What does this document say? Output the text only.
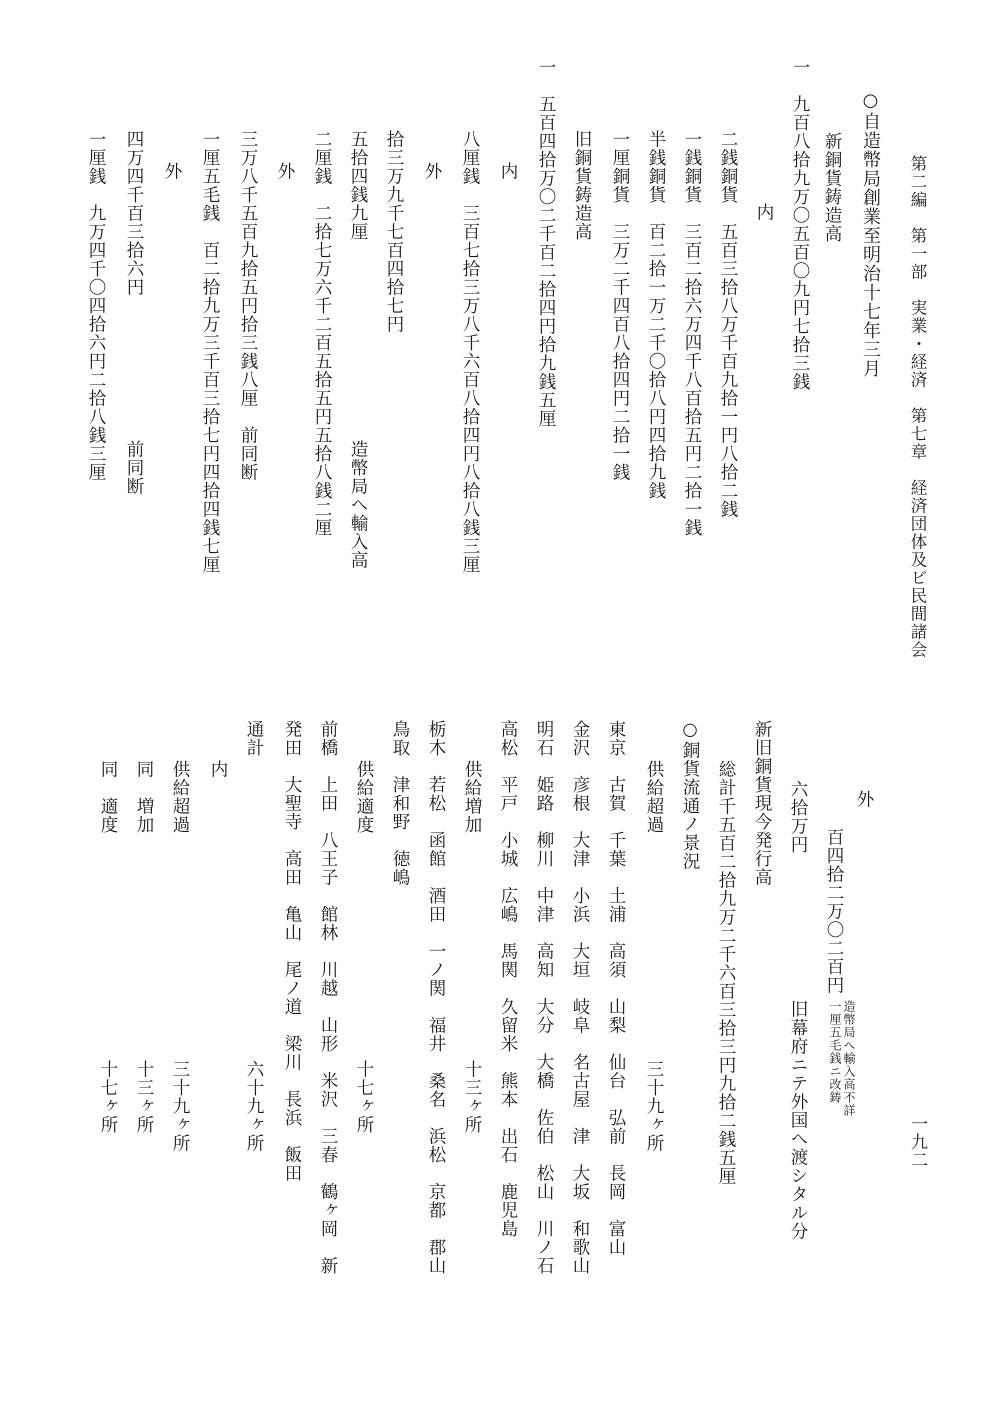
第二編　第一部　実業・経済　第七章　経済団体及ビ民間諸会
一九二
○自造幣局創業至明治十七年三月
新銅貨鋳造高
一
九百八拾九万〇五百〇九円七拾三銭
内
二銭銅貨　五百三拾八万千百九拾一円八拾二銭
一銭銅貨　三百二拾六万四千八百拾五円二拾一銭
半銭銅貨　百二拾一万二千〇拾八円四拾九銭
一厘銅貨　三万二千四百八拾四円二拾一銭
旧銅貨鋳造高
一
五百四拾万〇二千百二拾四円拾九銭五厘
内
八厘銭　三百七拾三万八千六百八拾四円八拾八銭三厘
外
拾三万九千七百四拾七円
五拾四銭九厘
造幣局へ輸入高
二厘銭　二拾七万六千二百五拾五円五拾八銭二厘
外
三万八千五百九拾五円拾三銭八厘　前同断
一厘五毛銭　百二拾九万三千百三拾七円四拾四銭七厘
外
四万四千百三拾六円
前同断
一厘銭　九万四千〇四拾六円二拾八銭三厘
外
百四拾二万〇二百円
造幣局へ輸入高不詳
一厘五毛銭ニ改鋳
六拾万円
旧幕府ニテ外国へ渡シタル分
新旧銅貨現今発行高
総計千五百二拾九万二千六百三拾三円九拾二銭五厘
○銅貨流通ノ景況
供給超過
三十九ヶ所
東京　古賀　千葉　土浦　高須　山梨　仙台　弘前　長岡　富山
金沢　彦根　大津　小浜　大垣　岐阜　名古屋　津　大坂　和歌山
明石　姫路　柳川　中津　高知　大分　大橋　佐伯　松山　川ノ石
高松　平戸　小城　広嶋　馬関　久留米　熊本　出石　鹿児島
供給増加
十三ヶ所
栃木　若松　函館　酒田　一ノ関　福井　桑名　浜松　京都　郡山
鳥取　津和野　徳嶋
供給適度
十七ヶ所
前橋　上田　八王子　館林　川越　山形　米沢　三春　鶴ヶ岡　新
発田　大聖寺　高田　亀山　尾ノ道　梁川　長浜　飯田
通計
六十九ヶ所
内
供給超過
三十九ヶ所
同　増加
十三ヶ所
同　適度
十七ヶ所
